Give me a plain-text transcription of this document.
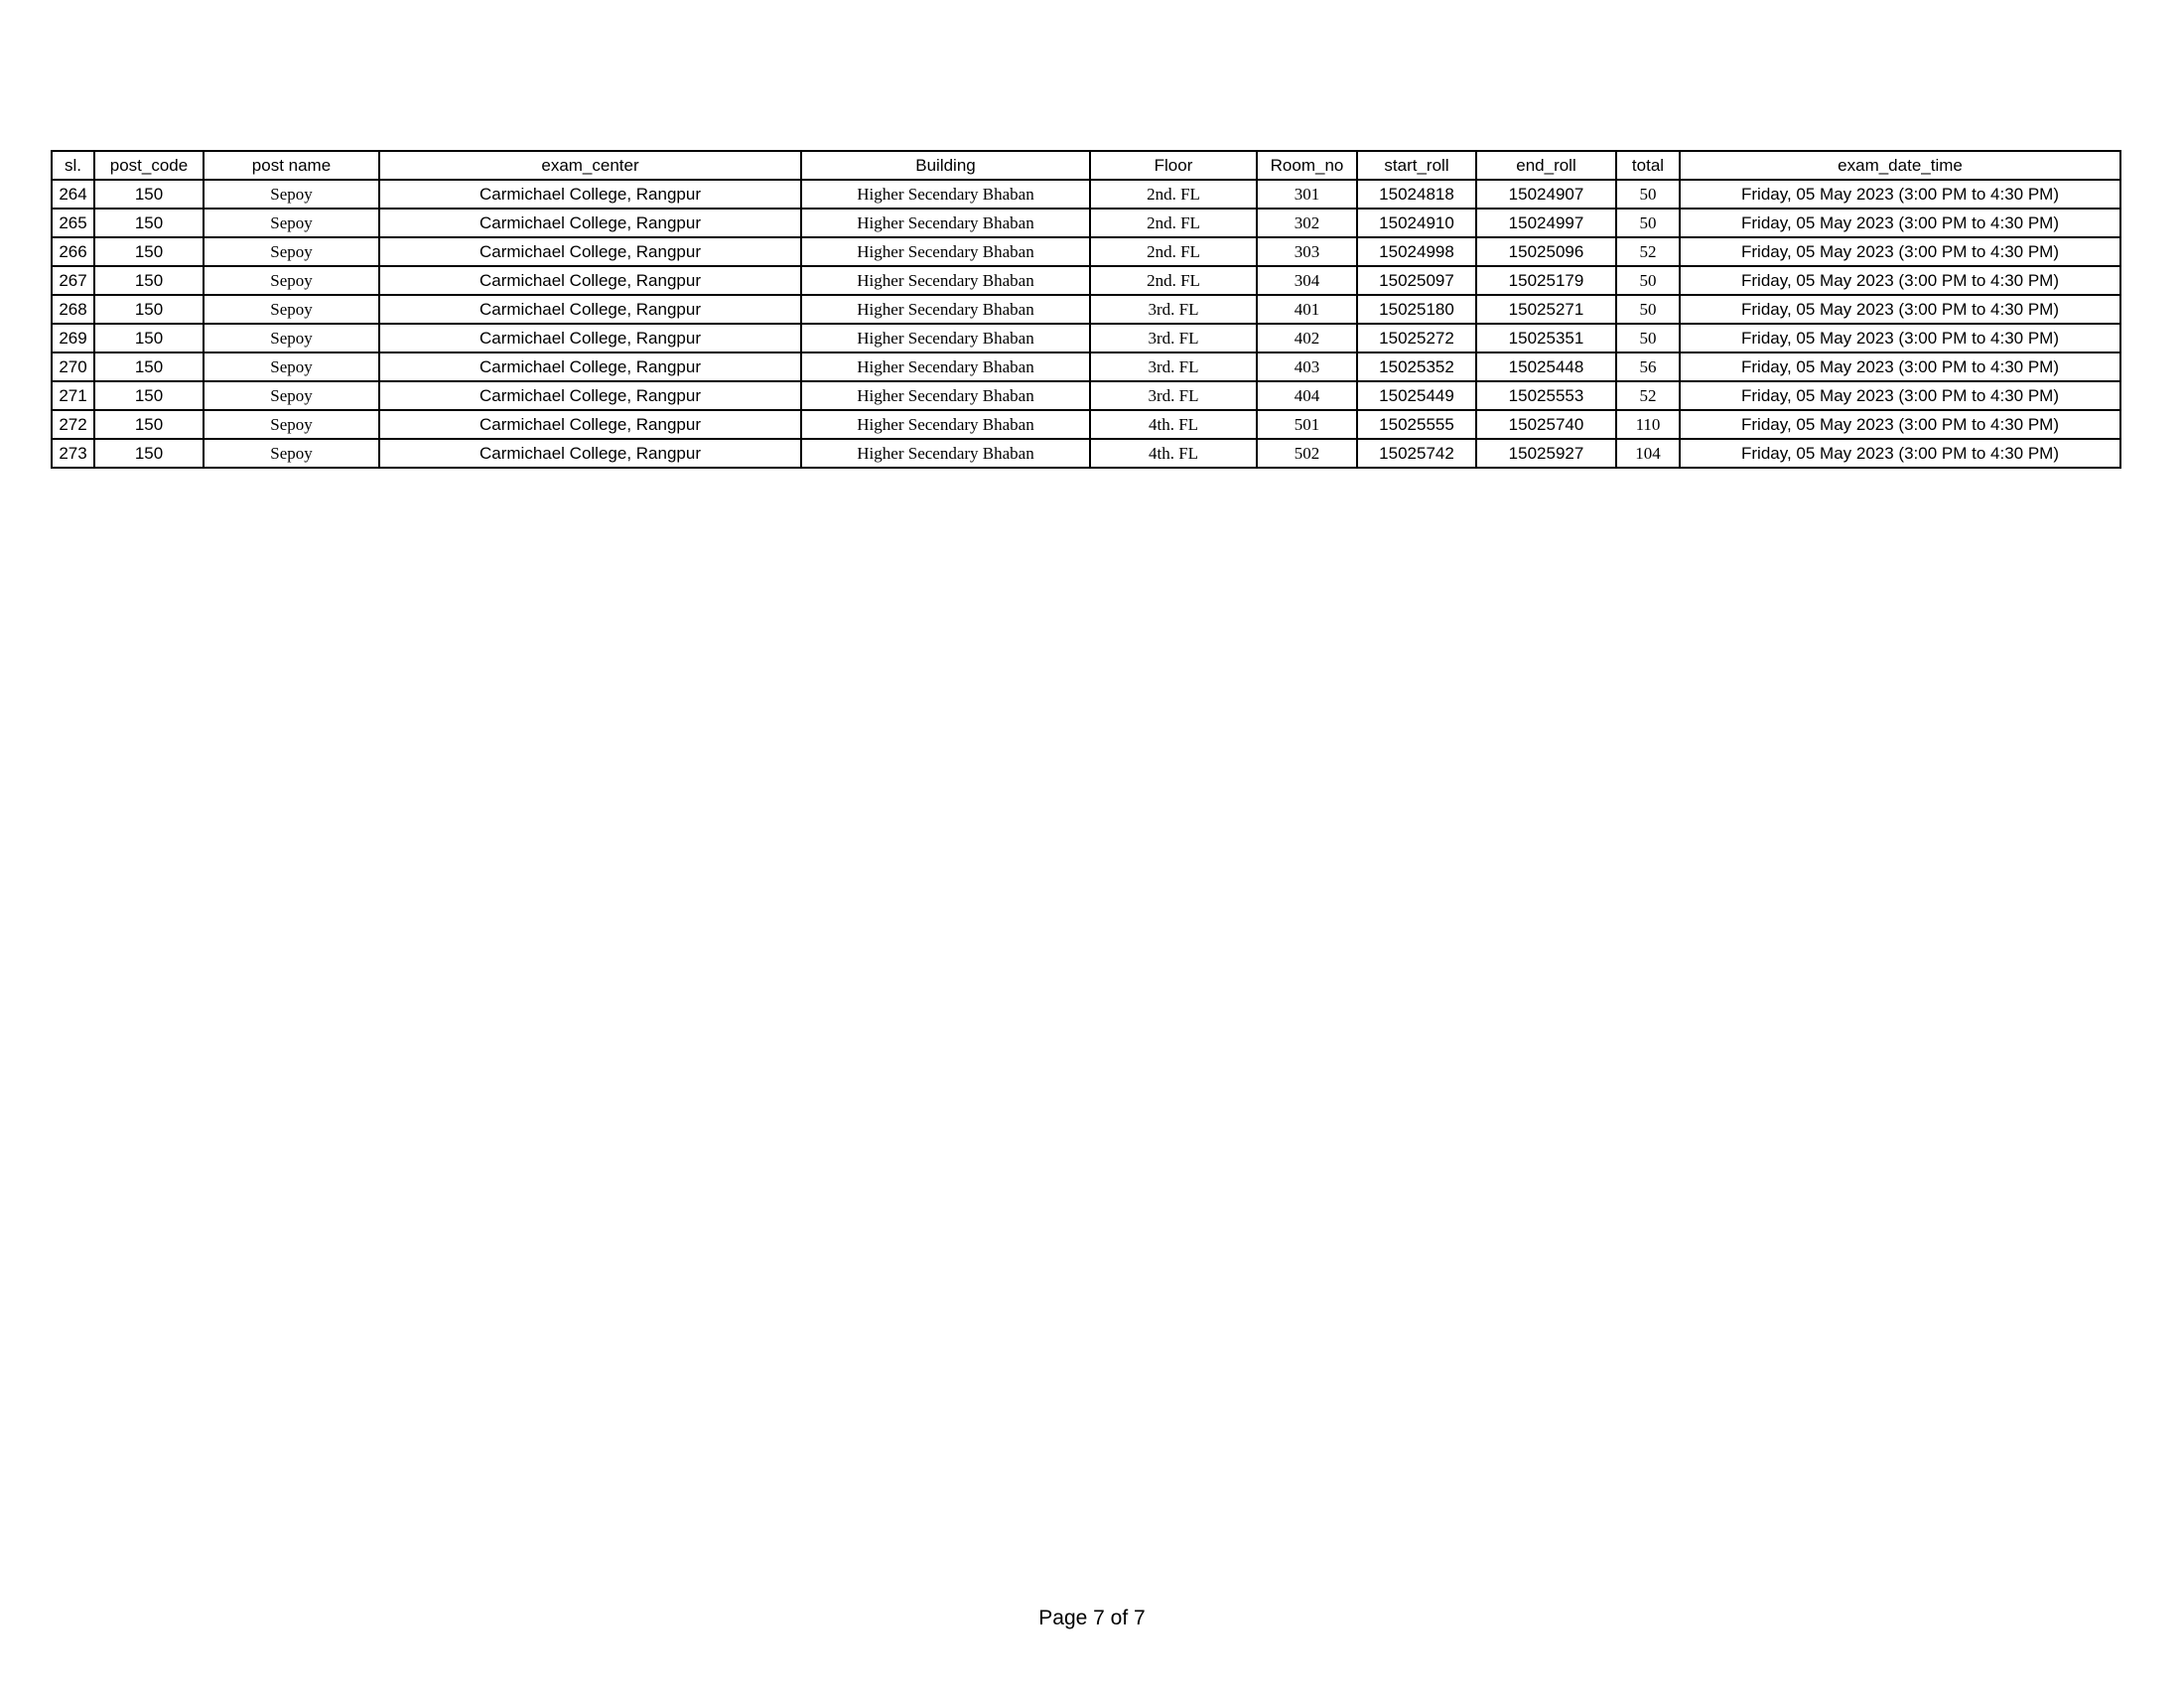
sl.	post_code	post name	exam_center	Building	Floor	Room_no	start_roll	end_roll	total	exam_date_time
264	150	Sepoy	Carmichael College, Rangpur	Higher Secendary Bhaban	2nd. FL	301	15024818	15024907	50	Friday, 05 May 2023 (3:00 PM to 4:30 PM)
265	150	Sepoy	Carmichael College, Rangpur	Higher Secendary Bhaban	2nd. FL	302	15024910	15024997	50	Friday, 05 May 2023 (3:00 PM to 4:30 PM)
266	150	Sepoy	Carmichael College, Rangpur	Higher Secendary Bhaban	2nd. FL	303	15024998	15025096	52	Friday, 05 May 2023 (3:00 PM to 4:30 PM)
267	150	Sepoy	Carmichael College, Rangpur	Higher Secendary Bhaban	2nd. FL	304	15025097	15025179	50	Friday, 05 May 2023 (3:00 PM to 4:30 PM)
268	150	Sepoy	Carmichael College, Rangpur	Higher Secendary Bhaban	3rd. FL	401	15025180	15025271	50	Friday, 05 May 2023 (3:00 PM to 4:30 PM)
269	150	Sepoy	Carmichael College, Rangpur	Higher Secendary Bhaban	3rd. FL	402	15025272	15025351	50	Friday, 05 May 2023 (3:00 PM to 4:30 PM)
270	150	Sepoy	Carmichael College, Rangpur	Higher Secendary Bhaban	3rd. FL	403	15025352	15025448	56	Friday, 05 May 2023 (3:00 PM to 4:30 PM)
271	150	Sepoy	Carmichael College, Rangpur	Higher Secendary Bhaban	3rd. FL	404	15025449	15025553	52	Friday, 05 May 2023 (3:00 PM to 4:30 PM)
272	150	Sepoy	Carmichael College, Rangpur	Higher Secendary Bhaban	4th. FL	501	15025555	15025740	110	Friday, 05 May 2023 (3:00 PM to 4:30 PM)
273	150	Sepoy	Carmichael College, Rangpur	Higher Secendary Bhaban	4th. FL	502	15025742	15025927	104	Friday, 05 May 2023 (3:00 PM to 4:30 PM)
Page 7 of 7
